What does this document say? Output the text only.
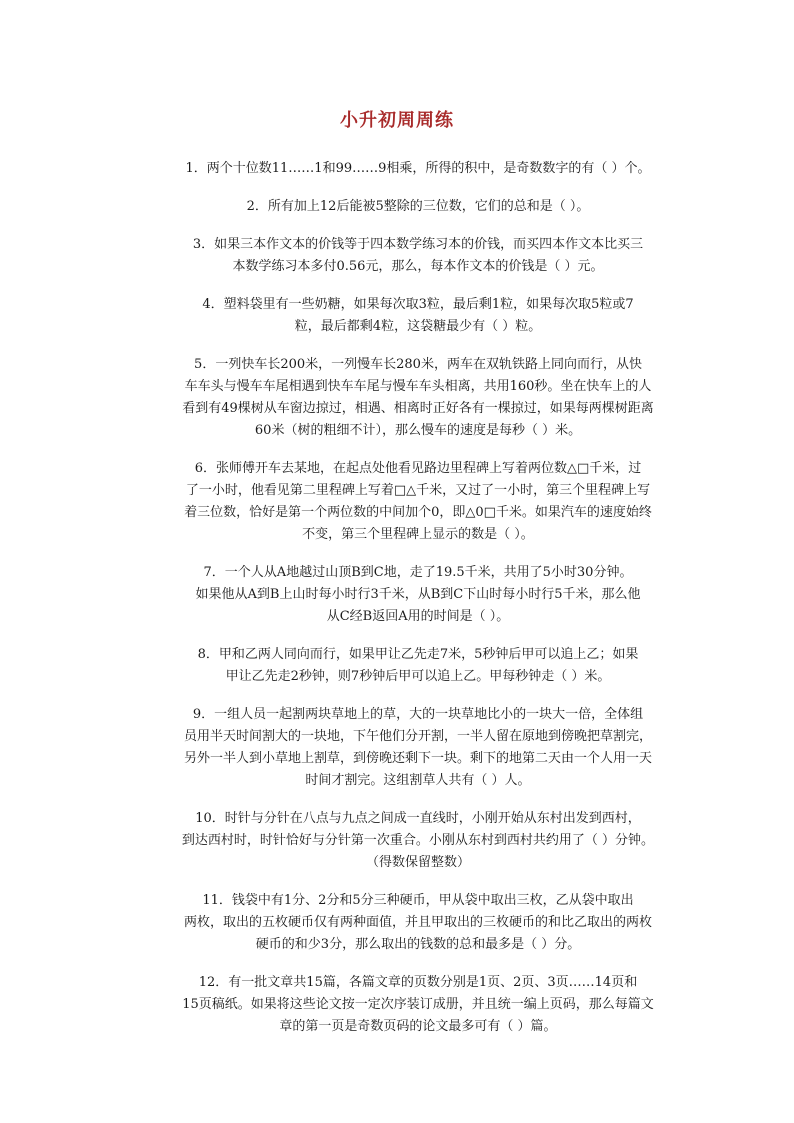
小升初周周练
1．两个十位数11……1和99……9相乘，所得的积中，是奇数数字的有（ ）个。
2．所有加上12后能被5整除的三位数，它们的总和是（ ）。
3．如果三本作文本的价钱等于四本数学练习本的价钱，而买四本作文本比买三
本数学练习本多付0.56元，那么，每本作文本的价钱是（ ）元。
4．塑料袋里有一些奶糖，如果每次取3粒，最后剩1粒，如果每次取5粒或7
粒，最后都剩4粒，这袋糖最少有（ ）粒。
5．一列快车长200米，一列慢车长280米，两车在双轨铁路上同向而行，从快
车车头与慢车车尾相遇到快车车尾与慢车车头相离，共用160秒。坐在快车上的人
看到有49棵树从车窗边掠过，相遇、相离时正好各有一棵掠过，如果每两棵树距离
60米（树的粗细不计），那么慢车的速度是每秒（ ）米。
6．张师傅开车去某地，在起点处他看见路边里程碑上写着两位数△□千米，过
了一小时，他看见第二里程碑上写着□△千米，又过了一小时，第三个里程碑上写
着三位数，恰好是第一个两位数的中间加个0，即△0□千米。如果汽车的速度始终
不变，第三个里程碑上显示的数是（ ）。
7．一个人从A地越过山顶B到C地，走了19.5千米，共用了5小时30分钟。
如果他从A到B上山时每小时行3千米，从B到C下山时每小时行5千米，那么他
从C经B返回A用的时间是（ ）。
8．甲和乙两人同向而行，如果甲让乙先走7米，5秒钟后甲可以追上乙；如果
甲让乙先走2秒钟，则7秒钟后甲可以追上乙。甲每秒钟走（ ）米。
9．一组人员一起割两块草地上的草，大的一块草地比小的一块大一倍，全体组
员用半天时间割大的一块地，下午他们分开割，一半人留在原地到傍晚把草割完，
另外一半人到小草地上割草，到傍晚还剩下一块。剩下的地第二天由一个人用一天
时间才割完。这组割草人共有（ ）人。
10．时针与分针在八点与九点之间成一直线时，小刚开始从东村出发到西村，
到达西村时，时针恰好与分针第一次重合。小刚从东村到西村共约用了（ ）分钟。
（得数保留整数）
11．钱袋中有1分、2分和5分三种硬币，甲从袋中取出三枚，乙从袋中取出
两枚，取出的五枚硬币仅有两种面值，并且甲取出的三枚硬币的和比乙取出的两枚
硬币的和少3分，那么取出的钱数的总和最多是（ ）分。
12．有一批文章共15篇，各篇文章的页数分别是1页、2页、3页……14页和
15页稿纸。如果将这些论文按一定次序装订成册，并且统一编上页码，那么每篇文
章的第一页是奇数页码的论文最多可有（ ）篇。
